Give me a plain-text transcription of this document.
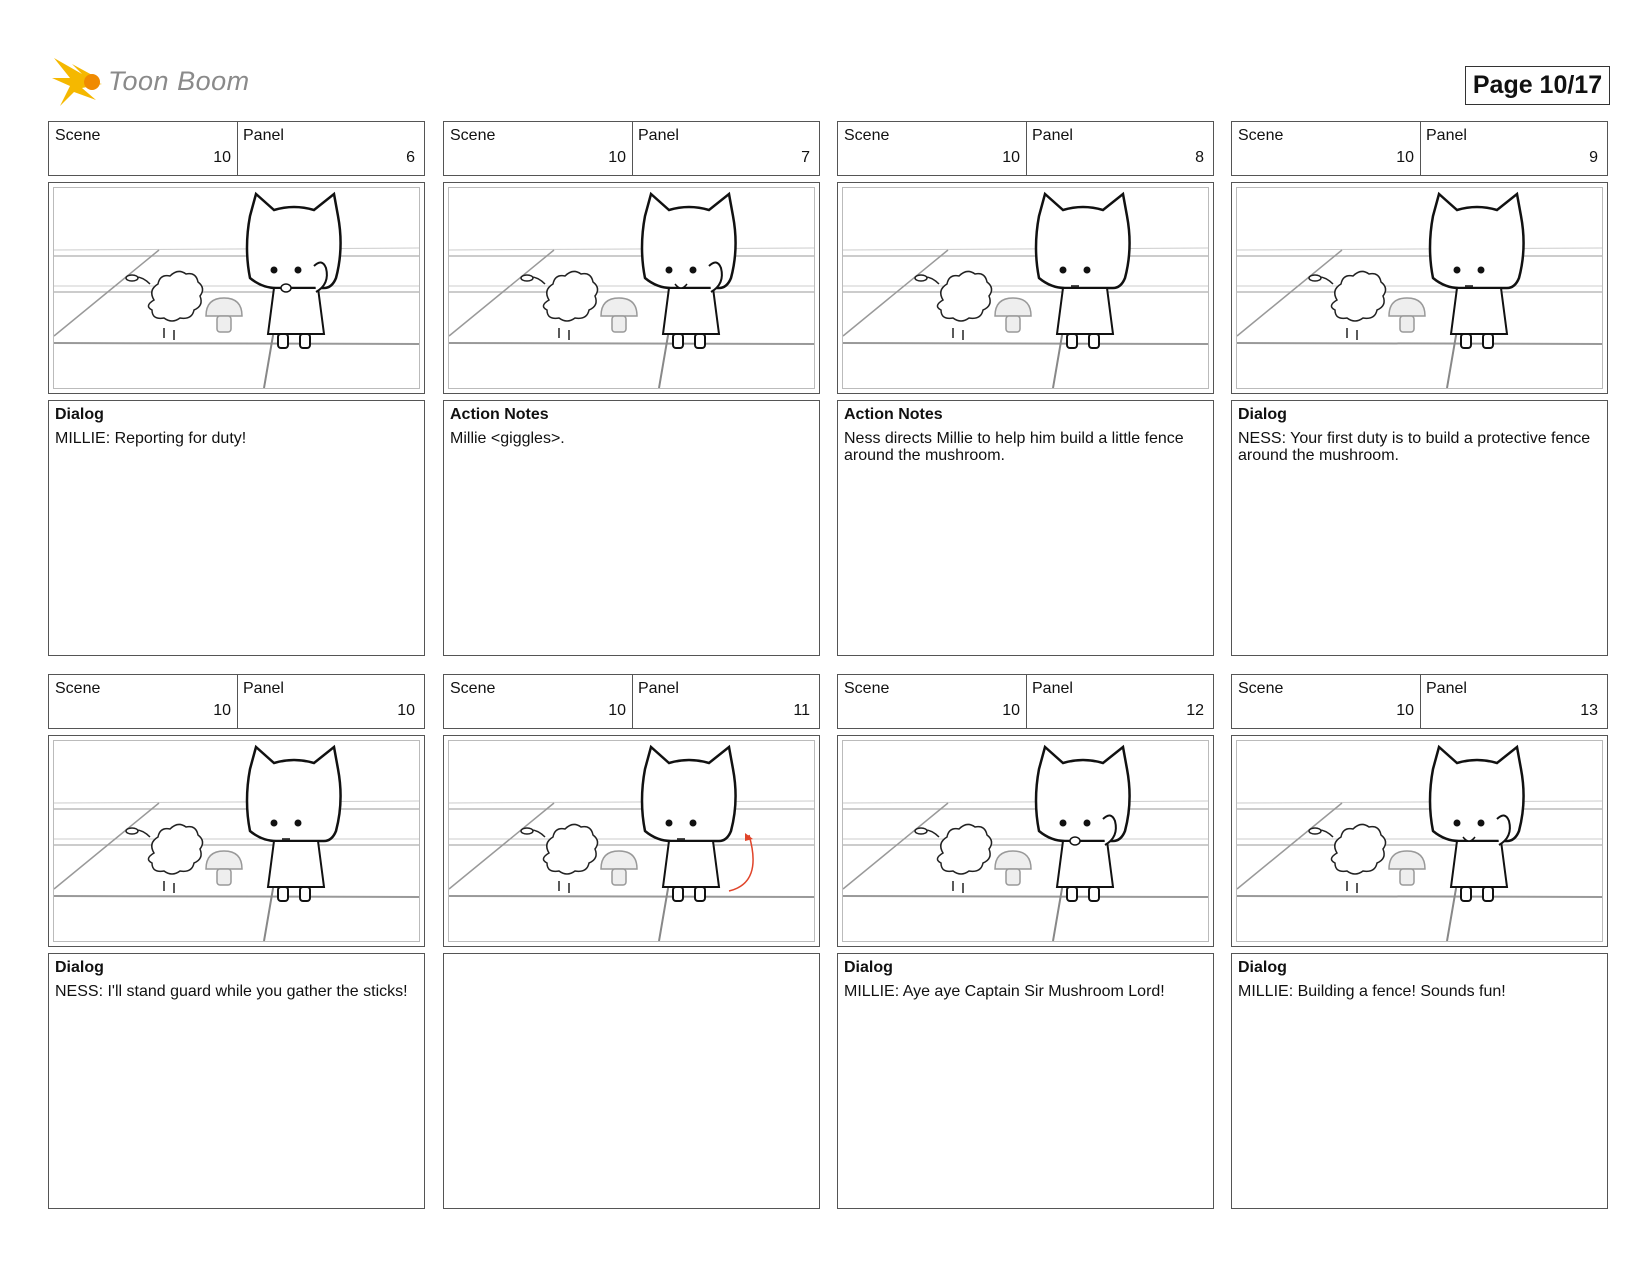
Toon Boom	Page 10/17
Scene	Panel
10	6
Dialog
MILLIE: Reporting for duty!
Scene	Panel
10	7
Action Notes
Millie <giggles>.
Scene	Panel
10	8
Action Notes
Ness directs Millie to help him build a little fence around the mushroom.
Scene	Panel
10	9
Dialog
NESS: Your first duty is to build a protective fence around the mushroom.
Scene	Panel
10	10
Dialog
NESS: I'll stand guard while you gather the sticks!
Scene	Panel
10	11
Scene	Panel
10	12
Dialog
MILLIE: Aye aye Captain Sir Mushroom Lord!
Scene	Panel
10	13
Dialog
MILLIE: Building a fence! Sounds fun!
